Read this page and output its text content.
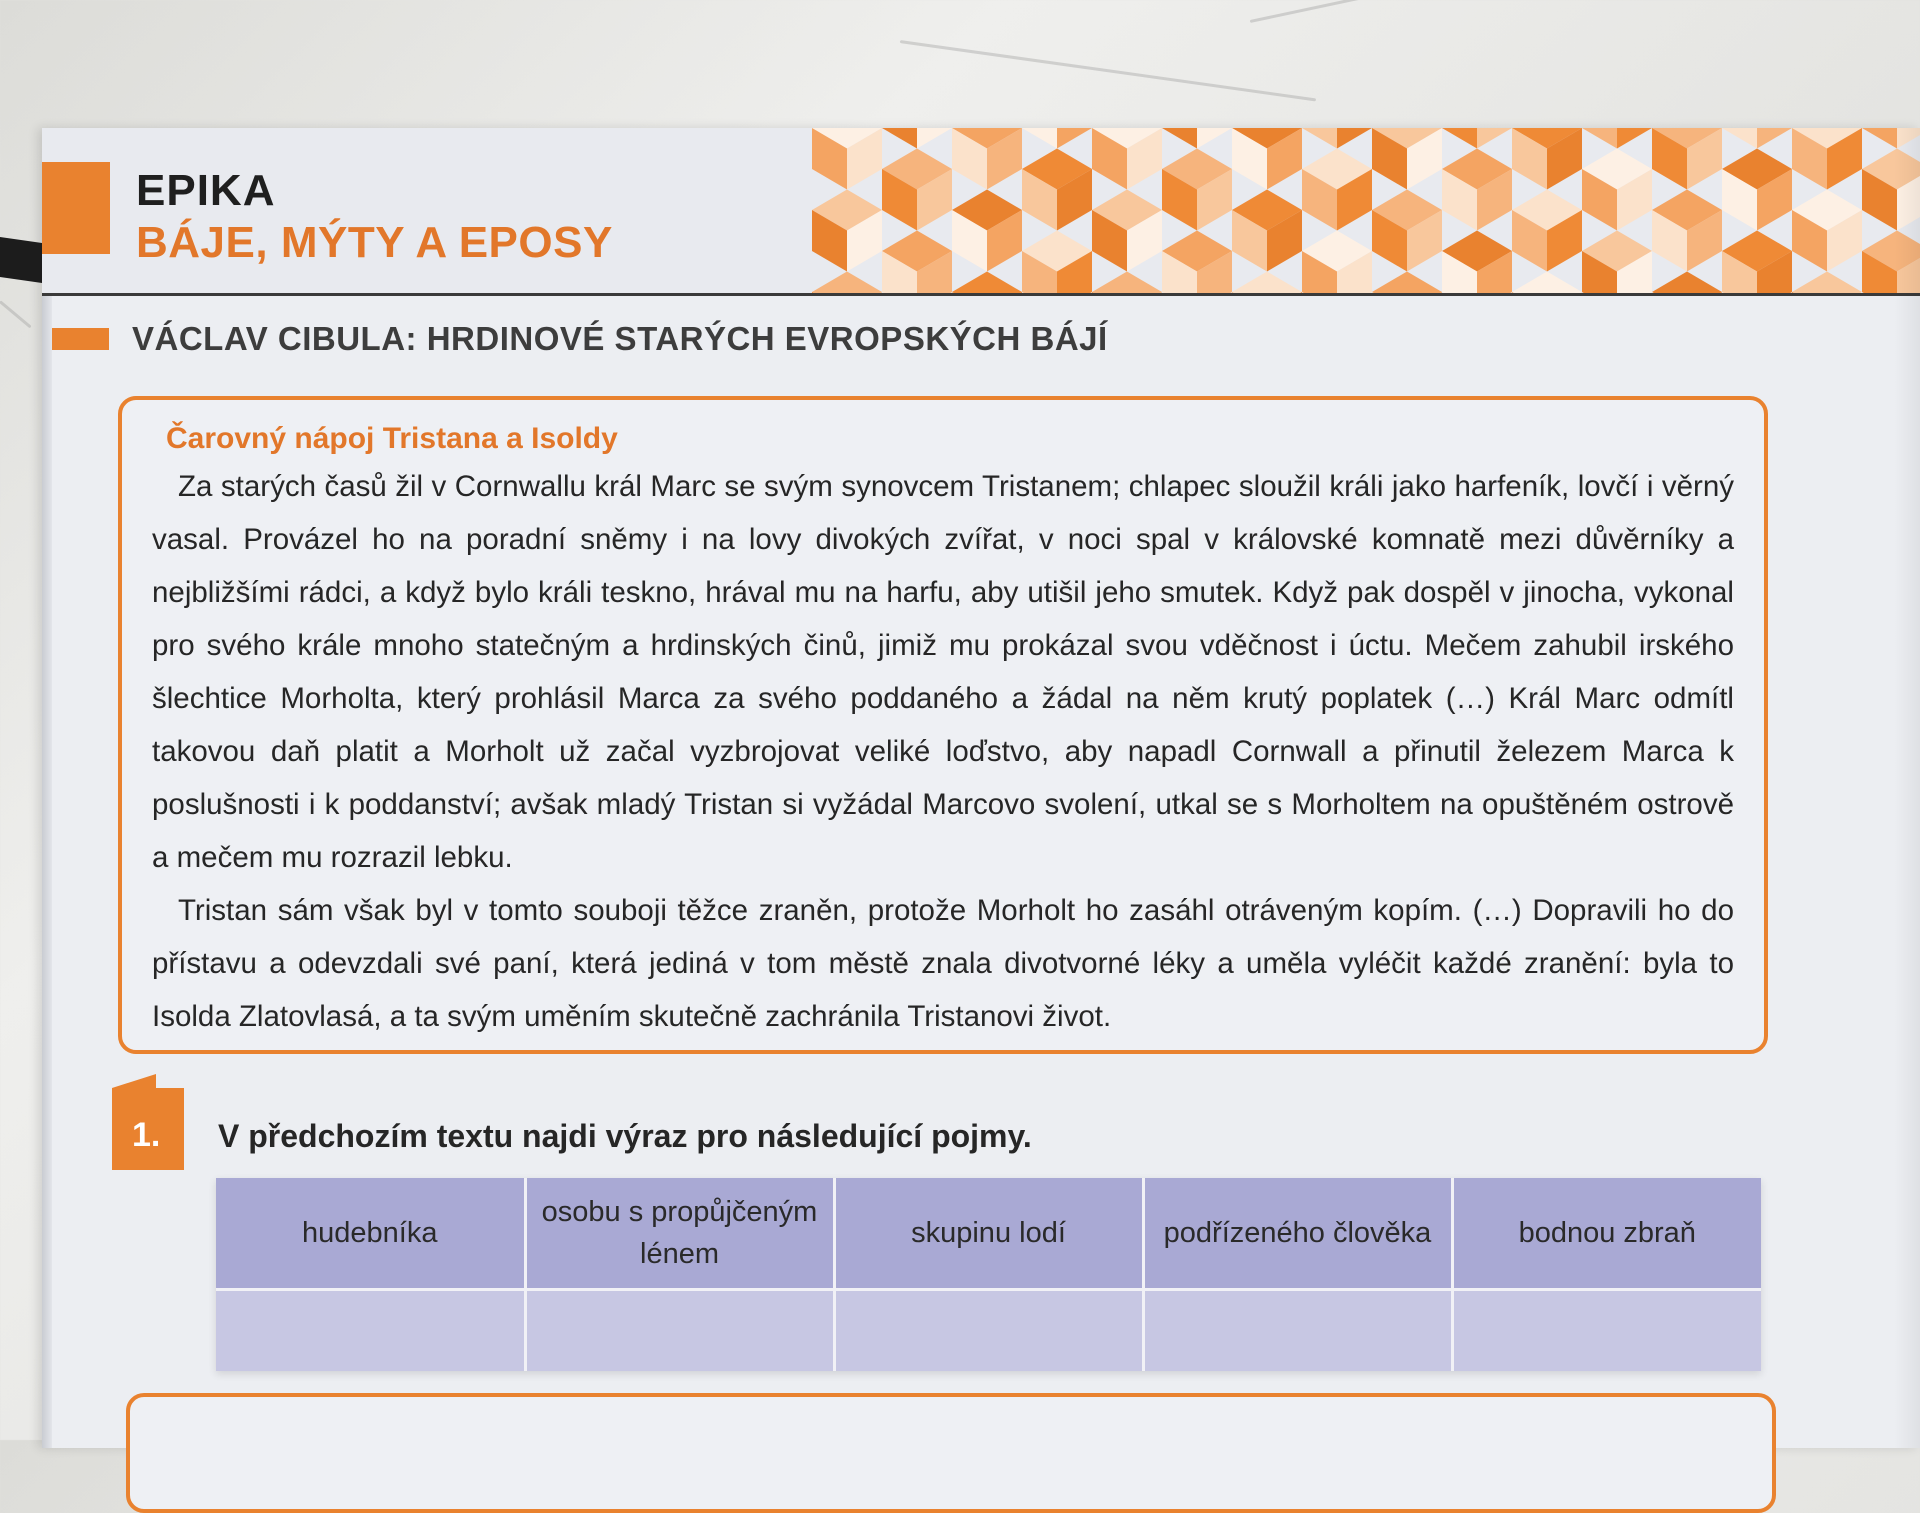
EPIKA
BÁJE, MÝTY A EPOSY
VÁCLAV CIBULA: HRDINOVÉ STARÝCH EVROPSKÝCH BÁJÍ
Čarovný nápoj Tristana a Isoldy

Za starých časů žil v Cornwallu král Marc se svým synovcem Tristanem; chlapec sloužil králi jako harfeník, lovčí i věrný vasal. Provázel ho na poradní sněmy i na lovy divokých zvířat, v noci spal v královské komnatě mezi důvěrníky a nejbližšími rádci, a když bylo králi teskno, hrával mu na harfu, aby utišil jeho smutek. Když pak dospěl v jinocha, vykonal pro svého krále mnoho statečným a hrdinských činů, jimiž mu prokázal svou vděčnost i úctu. Mečem zahubil irského šlechtice Morholta, který prohlásil Marca za svého poddaného a žádal na něm krutý poplatek (…) Král Marc odmítl takovou daň platit a Morholt už začal vyzbrojovat veliké loďstvo, aby napadl Cornwall a přinutil železem Marca k poslušnosti i k poddanství; avšak mladý Tristan si vyžádal Marcovo svolení, utkal se s Morholtem na opuštěném ostrově a mečem mu rozrazil lebku.

Tristan sám však byl v tomto souboji těžce zraněn, protože Morholt ho zasáhl otráveným kopím. (…) Dopravili ho do přístavu a odevzdali své paní, která jediná v tom městě znala divotvorné léky a uměla vyléčit každé zranění: byla to Isolda Zlatovlasá, a ta svým uměním skutečně zachránila Tristanovi život.

1.	V předchozím textu najdi výraz pro následující pojmy.
hudebníka	osobu s propůjčeným lénem	skupinu lodí	podřízeného člověka	bodnou zbraň
